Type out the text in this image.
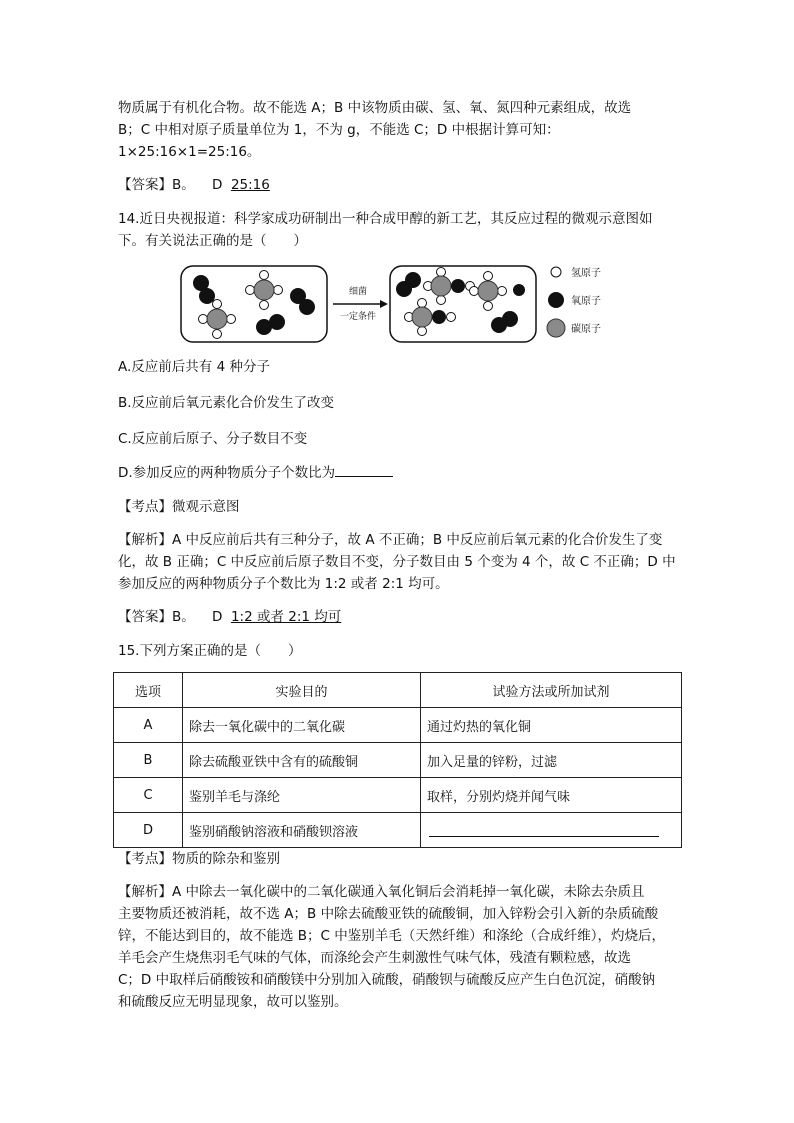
物质属于有机化合物。故不能选 A；B 中该物质由碳、氢、氧、氮四种元素组成，故选
B；C 中相对原子质量单位为 1，不为 g，不能选 C；D 中根据计算可知：
1×25:16×1=25:16。
【答案】B。 D 25:16
14.近日央视报道：科学家成功研制出一种合成甲醇的新工艺，其反应过程的微观示意图如
下。有关说法正确的是（　　）
细菌
一定条件
氢原子
氧原子
碳原子
A.反应前后共有 4 种分子
B.反应前后氧元素化合价发生了改变
C.反应前后原子、分子数目不变
D.参加反应的两种物质分子个数比为
【考点】微观示意图
【解析】A 中反应前后共有三种分子，故 A 不正确；B 中反应前后氧元素的化合价发生了变
化，故 B 正确；C 中反应前后原子数目不变，分子数目由 5 个变为 4 个，故 C 不正确；D 中
参加反应的两种物质分子个数比为 1:2 或者 2:1 均可。
【答案】B。 D 1:2 或者 2:1 均可
15.下列方案正确的是（　　）
选项	实验目的	试验方法或所加试剂
A	除去一氧化碳中的二氧化碳	通过灼热的氧化铜
B	除去硫酸亚铁中含有的硫酸铜	加入足量的锌粉，过滤
C	鉴别羊毛与涤纶	取样，分别灼烧并闻气味
D	鉴别硝酸钠溶液和硝酸钡溶液	
【考点】物质的除杂和鉴别
【解析】A 中除去一氧化碳中的二氧化碳通入氧化铜后会消耗掉一氧化碳，未除去杂质且
主要物质还被消耗，故不选 A；B 中除去硫酸亚铁的硫酸铜，加入锌粉会引入新的杂质硫酸
锌，不能达到目的，故不能选 B；C 中鉴别羊毛（天然纤维）和涤纶（合成纤维），灼烧后，
羊毛会产生烧焦羽毛气味的气体，而涤纶会产生刺激性气味气体，残渣有颗粒感，故选
C；D 中取样后硝酸铵和硝酸镁中分别加入硫酸，硝酸钡与硫酸反应产生白色沉淀，硝酸钠
和硫酸反应无明显现象，故可以鉴别。
